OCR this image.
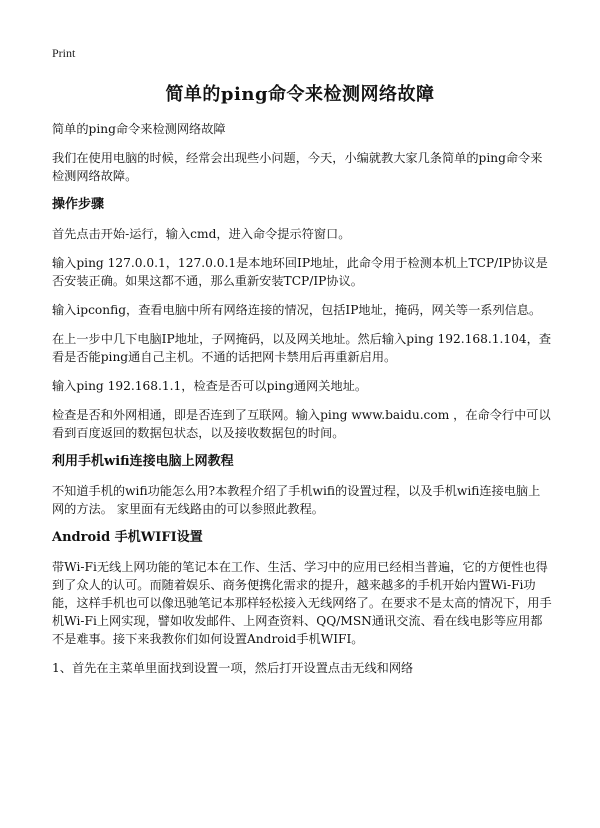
Print
简单的ping命令来检测网络故障

简单的ping命令来检测网络故障

我们在使用电脑的时候，经常会出现些小问题，今天，小编就教大家几条简单的ping命令来检测网络故障。

操作步骤

首先点击开始-运行，输入cmd，进入命令提示符窗口。

输入ping 127.0.0.1，127.0.0.1是本地环回IP地址，此命令用于检测本机上TCP/IP协议是否安装正确。如果这都不通，那么重新安装TCP/IP协议。

输入ipconfig，查看电脑中所有网络连接的情况，包括IP地址，掩码，网关等一系列信息。

在上一步中几下电脑IP地址，子网掩码，以及网关地址。然后输入ping 192.168.1.104，查看是否能ping通自己主机。不通的话把网卡禁用后再重新启用。

输入ping 192.168.1.1，检查是否可以ping通网关地址。

检查是否和外网相通，即是否连到了互联网。输入ping www.baidu.com ，在命令行中可以看到百度返回的数据包状态，以及接收数据包的时间。

利用手机wifi连接电脑上网教程

不知道手机的wifi功能怎么用?本教程介绍了手机wifi的设置过程，以及手机wifi连接电脑上网的方法。 家里面有无线路由的可以参照此教程。

Android 手机WIFI设置

带Wi-Fi无线上网功能的笔记本在工作、生活、学习中的应用已经相当普遍，它的方便性也得到了众人的认可。而随着娱乐、商务便携化需求的提升，越来越多的手机开始内置Wi-Fi功能，这样手机也可以像迅驰笔记本那样轻松接入无线网络了。在要求不是太高的情况下，用手机Wi-Fi上网实现，譬如收发邮件、上网查资料、QQ/MSN通讯交流、看在线电影等应用都不是难事。接下来我教你们如何设置Android手机WIFI。

1、首先在主菜单里面找到设置一项，然后打开设置点击无线和网络
